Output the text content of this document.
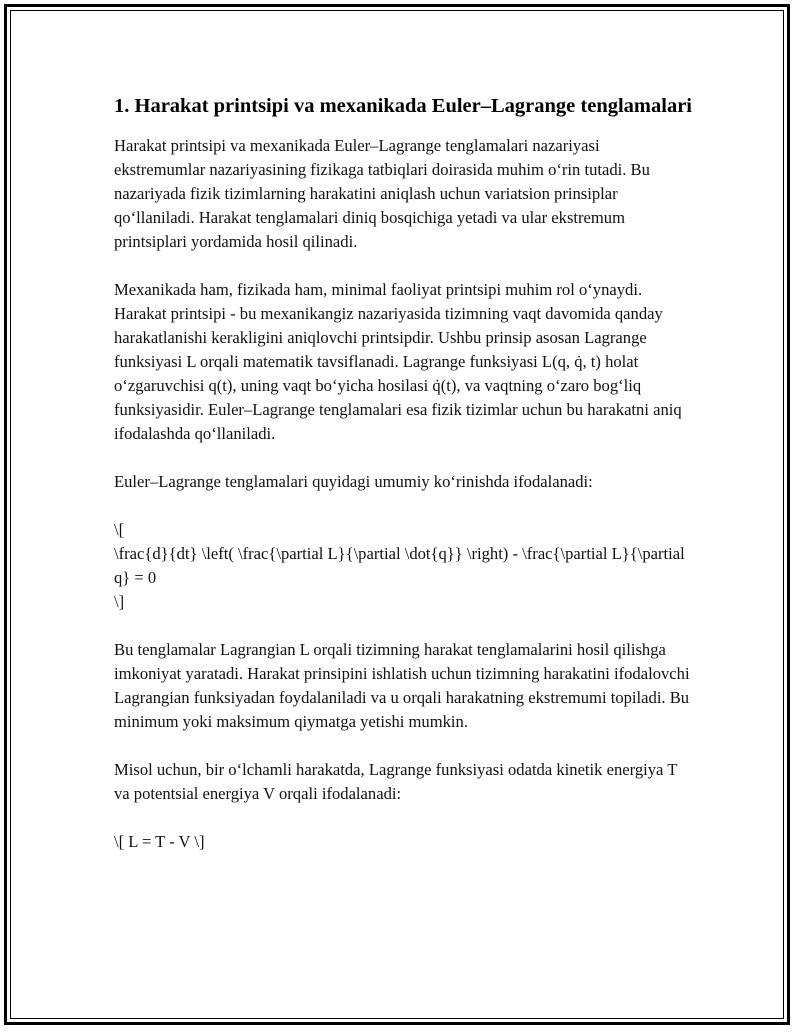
1. Harakat printsipi va mexanikada Euler–Lagrange tenglamalari

Harakat printsipi va mexanikada Euler–Lagrange tenglamalari nazariyasi ekstremumlar nazariyasining fizikaga tatbiqlari doirasida muhim o‘rin tutadi. Bu nazariyada fizik tizimlarning harakatini aniqlash uchun variatsion prinsiplar qo‘llaniladi. Harakat tenglamalari diniq bosqichiga yetadi va ular ekstremum printsiplari yordamida hosil qilinadi.

Mexanikada ham, fizikada ham, minimal faoliyat printsipi muhim rol o‘ynaydi. Harakat printsipi - bu mexanikangiz nazariyasida tizimning vaqt davomida qanday harakatlanishi kerakligini aniqlovchi printsipdir. Ushbu prinsip asosan Lagrange funksiyasi L orqali matematik tavsiflanadi. Lagrange funksiyasi L(q, q̇, t) holat o‘zgaruvchisi q(t), uning vaqt bo‘yicha hosilasi q̇(t), va vaqtning o‘zaro bog‘liq funksiyasidir. Euler–Lagrange tenglamalari esa fizik tizimlar uchun bu harakatni aniq ifodalashda qo‘llaniladi.

Euler–Lagrange tenglamalari quyidagi umumiy ko‘rinishda ifodalanadi:

\[
\frac{d}{dt} \left( \frac{\partial L}{\partial \dot{q}} \right) - \frac{\partial L}{\partial q} = 0
\]

Bu tenglamalar Lagrangian L orqali tizimning harakat tenglamalarini hosil qilishga imkoniyat yaratadi. Harakat prinsipini ishlatish uchun tizimning harakatini ifodalovchi Lagrangian funksiyadan foydalaniladi va u orqali harakatning ekstremumi topiladi. Bu minimum yoki maksimum qiymatga yetishi mumkin.

Misol uchun, bir o‘lchamli harakatda, Lagrange funksiyasi odatda kinetik energiya T va potentsial energiya V orqali ifodalanadi:

\[ L = T - V \]
